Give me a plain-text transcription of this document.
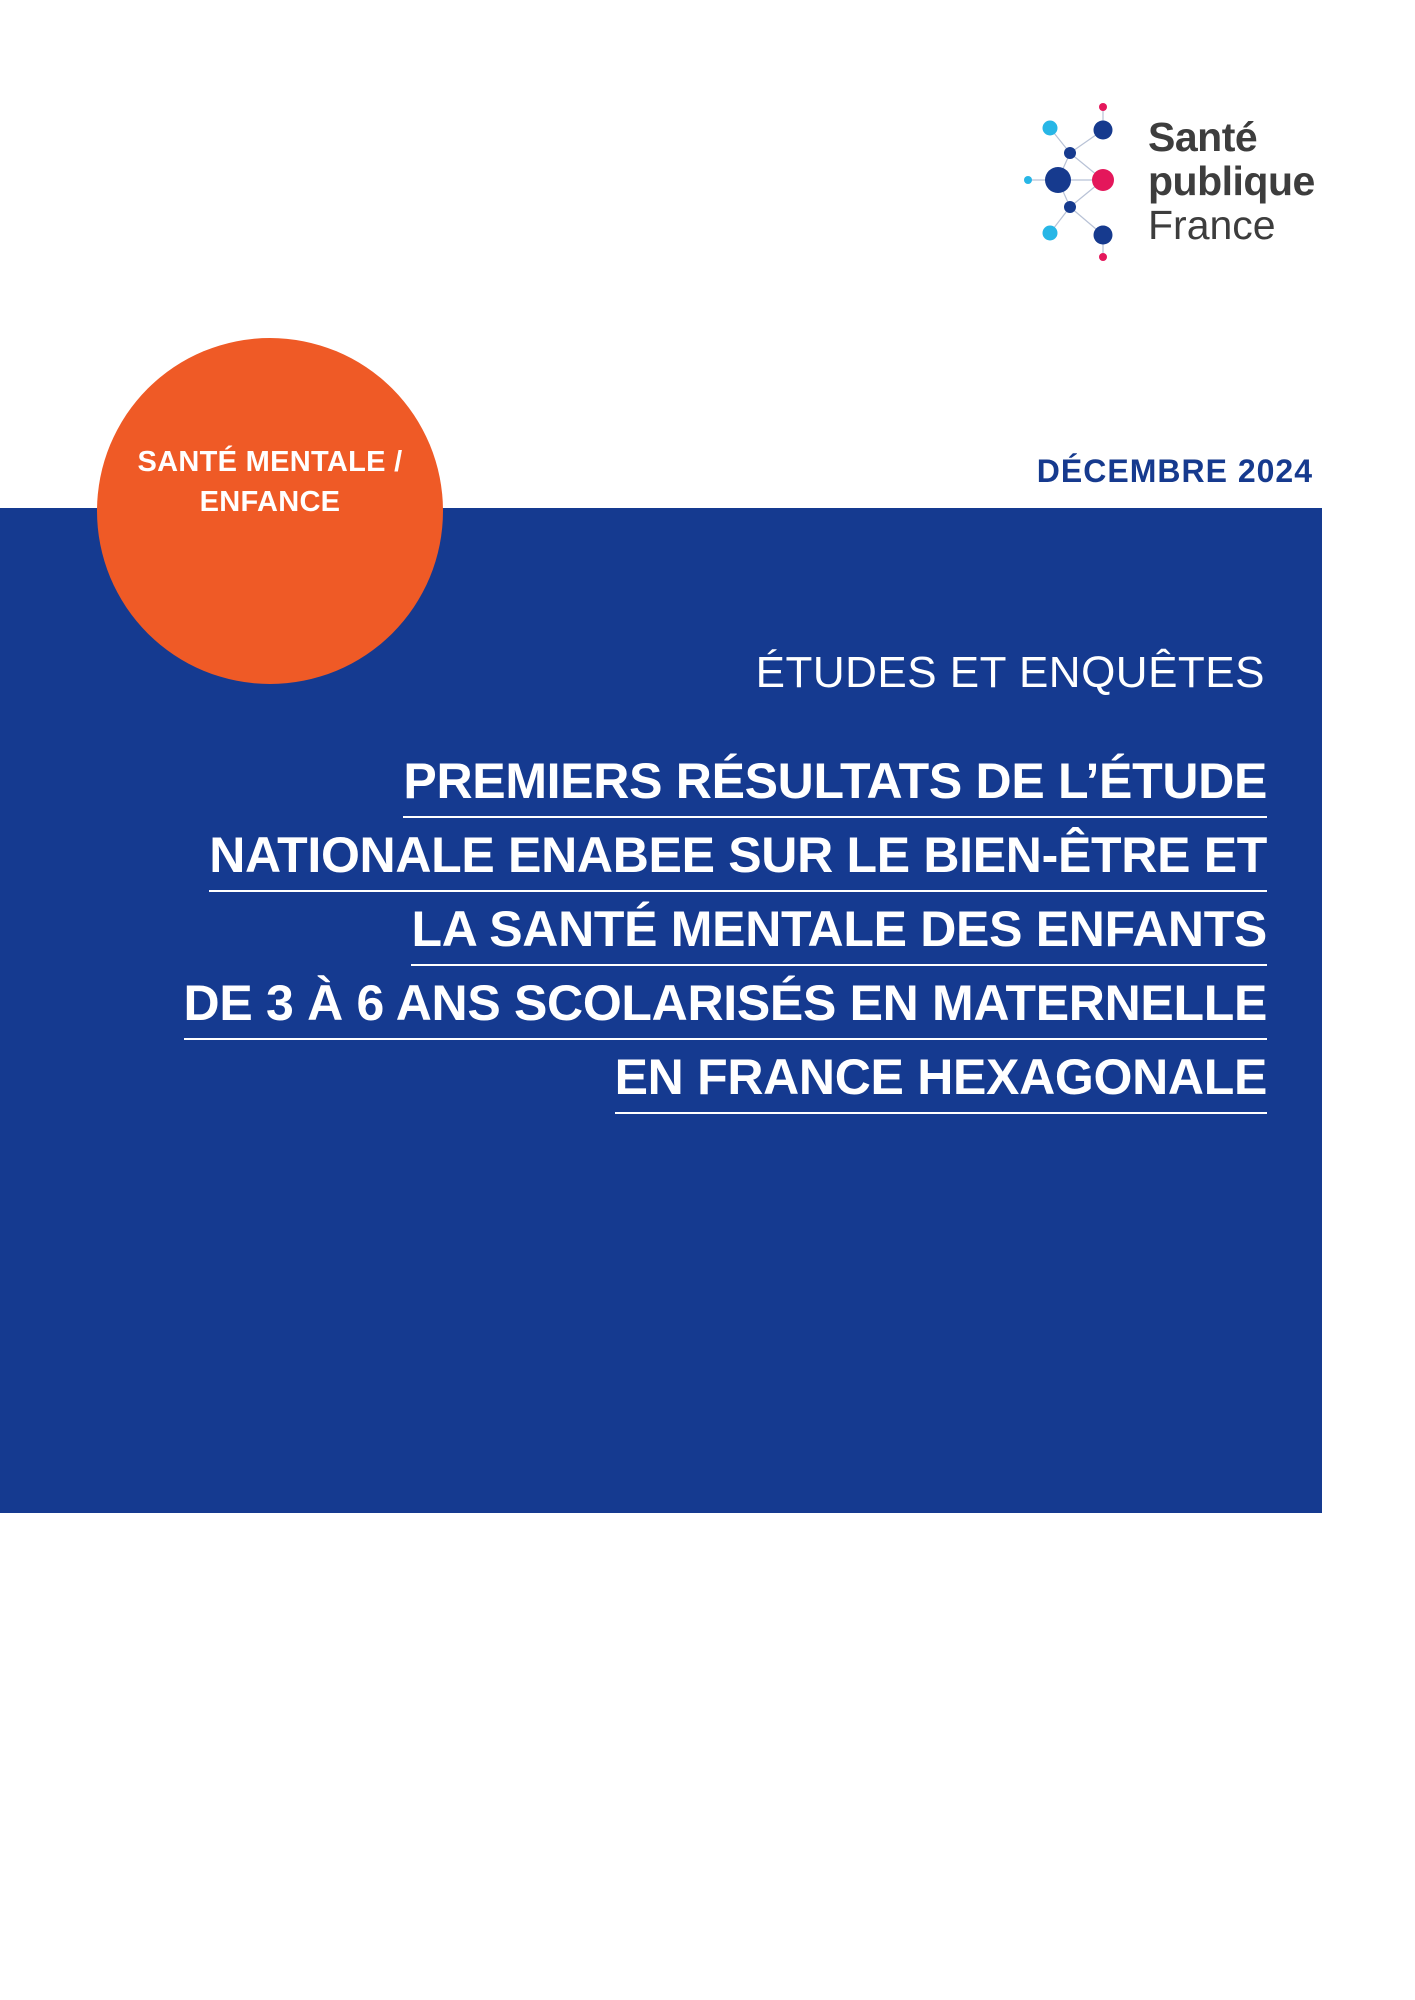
Santé
publique
France
DÉCEMBRE 2024
SANTÉ MENTALE /
ENFANCE
ÉTUDES ET ENQUÊTES
PREMIERS RÉSULTATS DE L’ÉTUDE
NATIONALE ENABEE SUR LE BIEN-ÊTRE ET
LA SANTÉ MENTALE DES ENFANTS
DE 3 À 6 ANS SCOLARISÉS EN MATERNELLE
EN FRANCE HEXAGONALE
